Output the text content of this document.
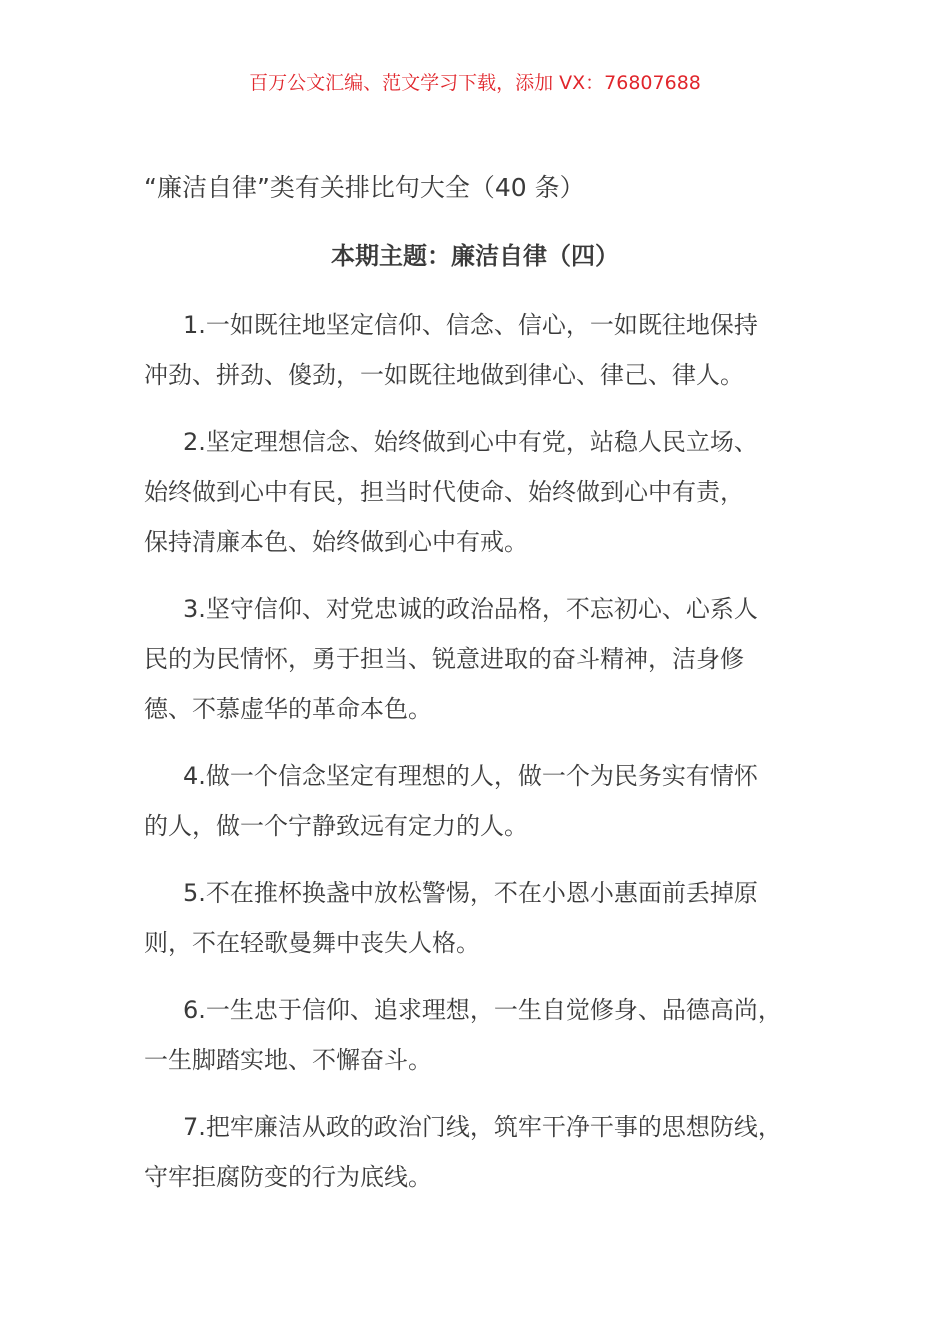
百万公文汇编、范文学习下载，添加 VX：76807688
“廉洁自律”类有关排比句大全（40 条）
本期主题：廉洁自律（四）

1.一如既往地坚定信仰、信念、信心，一如既往地保持
冲劲、拼劲、傻劲，一如既往地做到律心、律己、律人。

2.坚定理想信念、始终做到心中有党，站稳人民立场、
始终做到心中有民，担当时代使命、始终做到心中有责，
保持清廉本色、始终做到心中有戒。

3.坚守信仰、对党忠诚的政治品格，不忘初心、心系人
民的为民情怀，勇于担当、锐意进取的奋斗精神，洁身修
德、不慕虚华的革命本色。

4.做一个信念坚定有理想的人，做一个为民务实有情怀
的人，做一个宁静致远有定力的人。

5.不在推杯换盏中放松警惕，不在小恩小惠面前丢掉原
则，不在轻歌曼舞中丧失人格。

6.一生忠于信仰、追求理想，一生自觉修身、品德高尚，
一生脚踏实地、不懈奋斗。

7.把牢廉洁从政的政治门线，筑牢干净干事的思想防线，
守牢拒腐防变的行为底线。
